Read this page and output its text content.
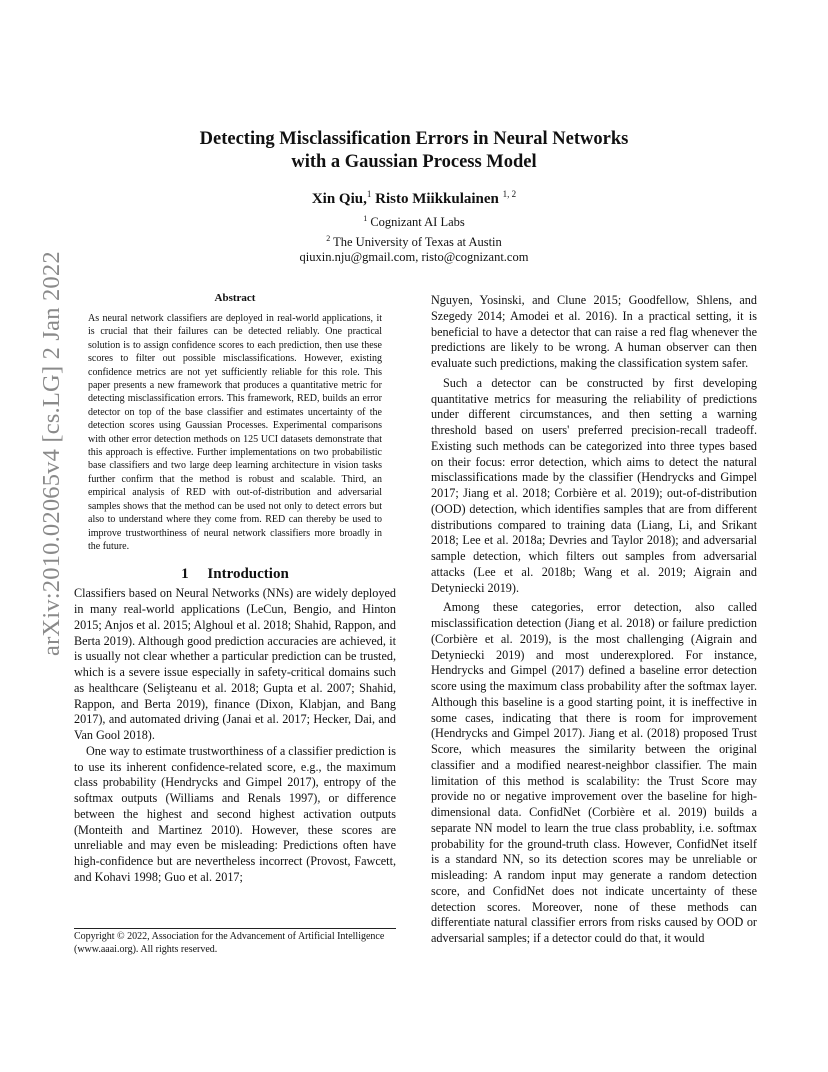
arXiv:2010.02065v4 [cs.LG] 2 Jan 2022
Detecting Misclassification Errors in Neural Networks
with a Gaussian Process Model
Xin Qiu,$^1$ Risto Miikkulainen $^{1, 2}$
$^1$ Cognizant AI Labs
$^2$ The University of Texas at Austin
qiuxin.nju@gmail.com, risto@cognizant.com
Abstract

As neural network classifiers are deployed in real-world applications, it is crucial that their failures can be detected reliably. One practical solution is to assign confidence scores to each prediction, then use these scores to filter out possible misclassifications. However, existing confidence metrics are not yet sufficiently reliable for this role. This paper presents a new framework that produces a quantitative metric for detecting misclassification errors. This framework, RED, builds an error detector on top of the base classifier and estimates uncertainty of the detection scores using Gaussian Processes. Experimental comparisons with other error detection methods on 125 UCI datasets demonstrate that this approach is effective. Further implementations on two probabilistic base classifiers and two large deep learning architecture in vision tasks further confirm that the method is robust and scalable. Third, an empirical analysis of RED with out-of-distribution and adversarial samples shows that the method can be used not only to detect errors but also to understand where they come from. RED can thereby be used to improve trustworthiness of neural network classifiers more broadly in the future.

1     Introduction

Classifiers based on Neural Networks (NNs) are widely deployed in many real-world applications (LeCun, Bengio, and Hinton 2015; Anjos et al. 2015; Alghoul et al. 2018; Shahid, Rappon, and Berta 2019). Although good prediction accuracies are achieved, it is usually not clear whether a particular prediction can be trusted, which is a severe issue especially in safety-critical domains such as healthcare (Selişteanu et al. 2018; Gupta et al. 2007; Shahid, Rappon, and Berta 2019), finance (Dixon, Klabjan, and Bang 2017), and automated driving (Janai et al. 2017; Hecker, Dai, and Van Gool 2018).

One way to estimate trustworthiness of a classifier prediction is to use its inherent confidence-related score, e.g., the maximum class probability (Hendrycks and Gimpel 2017), entropy of the softmax outputs (Williams and Renals 1997), or difference between the highest and second highest activation outputs (Monteith and Martinez 2010). However, these scores are unreliable and may even be misleading: Predictions often have high-confidence but are nevertheless incorrect (Provost, Fawcett, and Kohavi 1998; Guo et al. 2017;

Copyright © 2022, Association for the Advancement of Artificial Intelligence (www.aaai.org). All rights reserved.

Nguyen, Yosinski, and Clune 2015; Goodfellow, Shlens, and Szegedy 2014; Amodei et al. 2016). In a practical setting, it is beneficial to have a detector that can raise a red flag whenever the predictions are likely to be wrong. A human observer can then evaluate such predictions, making the classification system safer.

Such a detector can be constructed by first developing quantitative metrics for measuring the reliability of predictions under different circumstances, and then setting a warning threshold based on users' preferred precision-recall tradeoff. Existing such methods can be categorized into three types based on their focus: error detection, which aims to detect the natural misclassifications made by the classifier (Hendrycks and Gimpel 2017; Jiang et al. 2018; Corbière et al. 2019); out-of-distribution (OOD) detection, which identifies samples that are from different distributions compared to training data (Liang, Li, and Srikant 2018; Lee et al. 2018a; Devries and Taylor 2018); and adversarial sample detection, which filters out samples from adversarial attacks (Lee et al. 2018b; Wang et al. 2019; Aigrain and Detyniecki 2019).

Among these categories, error detection, also called misclassification detection (Jiang et al. 2018) or failure prediction (Corbière et al. 2019), is the most challenging (Aigrain and Detyniecki 2019) and most underexplored. For instance, Hendrycks and Gimpel (2017) defined a baseline error detection score using the maximum class probability after the softmax layer. Although this baseline is a good starting point, it is ineffective in some cases, indicating that there is room for improvement (Hendrycks and Gimpel 2017). Jiang et al. (2018) proposed Trust Score, which measures the similarity between the original classifier and a modified nearest-neighbor classifier. The main limitation of this method is scalability: the Trust Score may provide no or negative improvement over the baseline for high-dimensional data. ConfidNet (Corbière et al. 2019) builds a separate NN model to learn the true class probablity, i.e. softmax probability for the ground-truth class. However, ConfidNet itself is a standard NN, so its detection scores may be unreliable or misleading: A random input may generate a random detection score, and ConfidNet does not indicate uncertainty of these detection scores. Moreover, none of these methods can differentiate natural classifier errors from risks caused by OOD or adversarial samples; if a detector could do that, it would
